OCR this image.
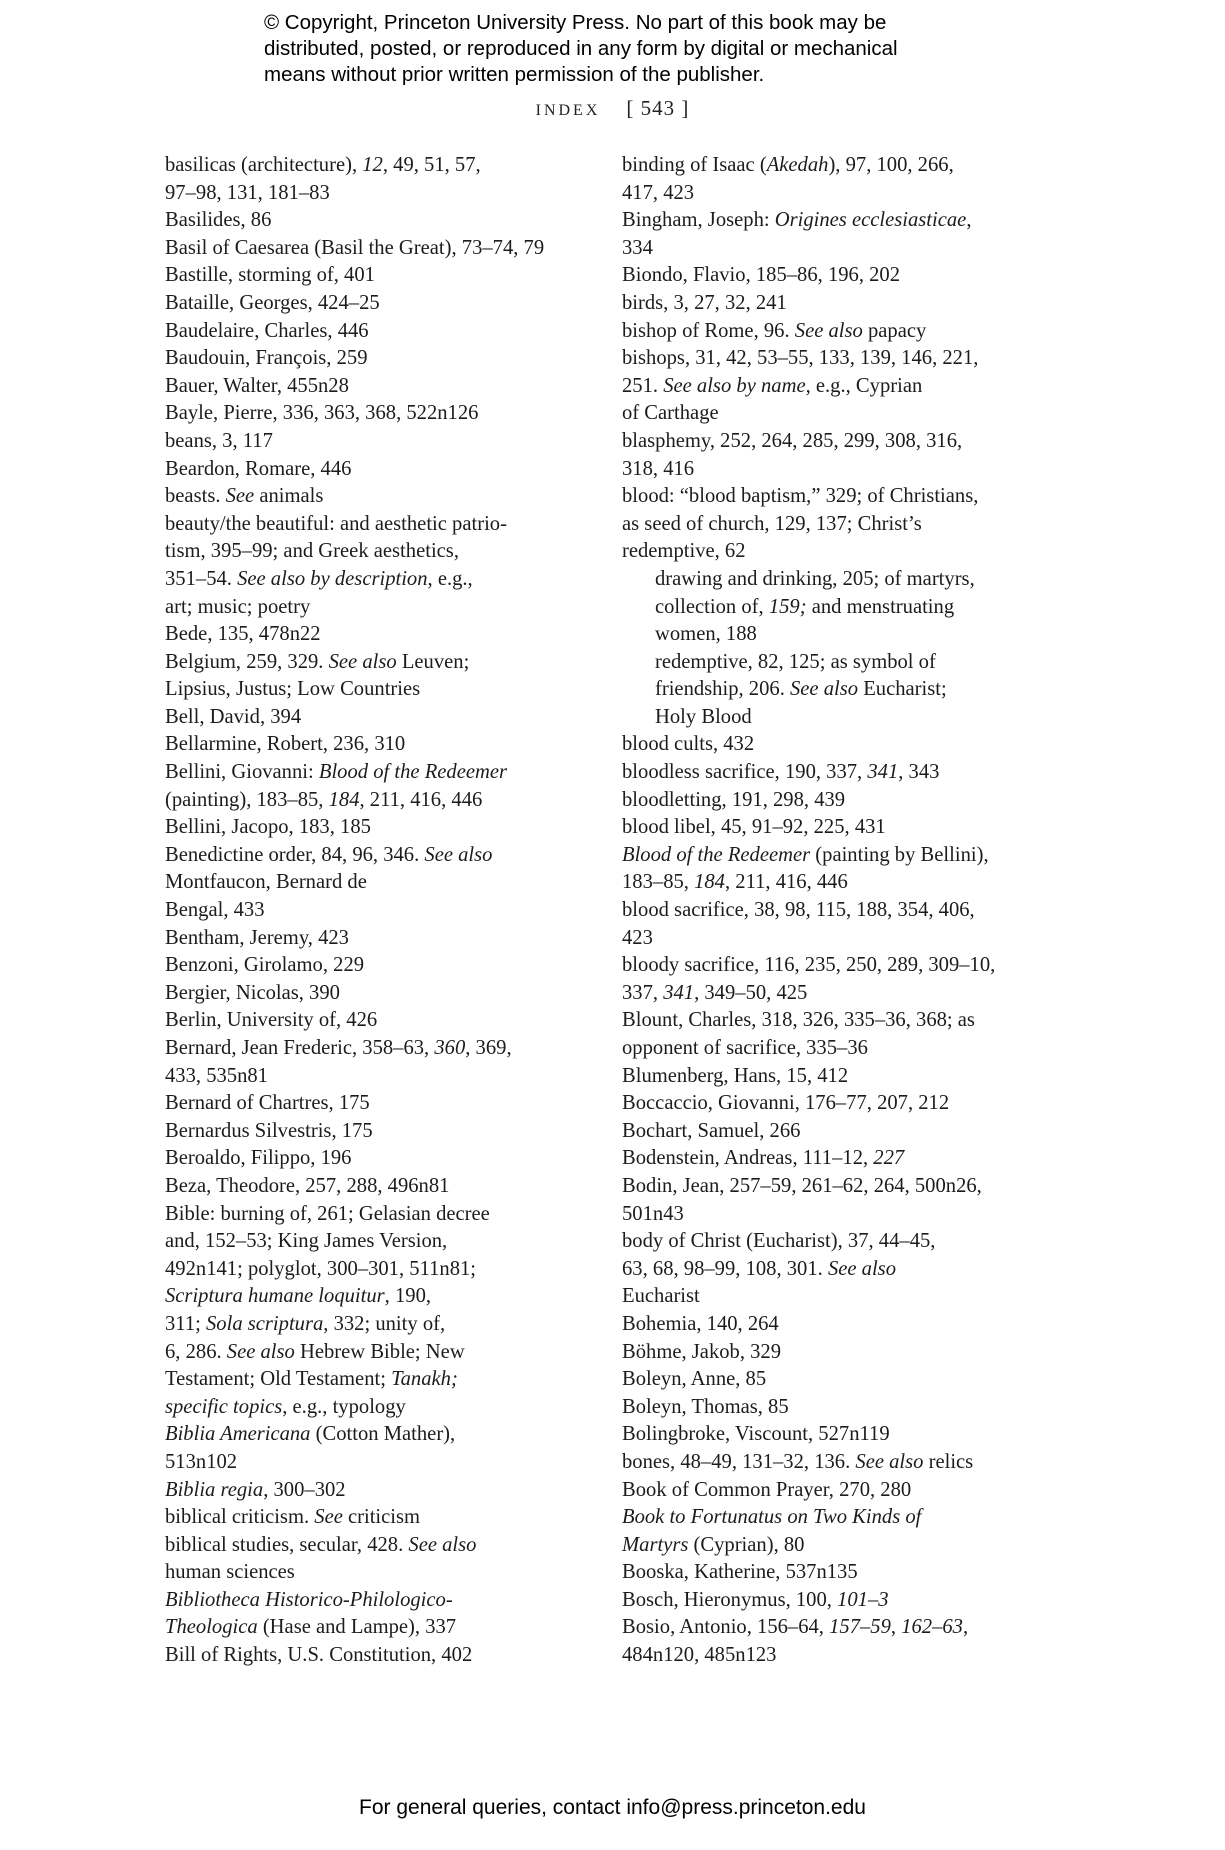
© Copyright, Princeton University Press. No part of this book may be
distributed, posted, or reproduced in any form by digital or mechanical
means without prior written permission of the publisher.
INDEX [ 543 ]
basilicas (architecture), 12, 49, 51, 57,
97–98, 131, 181–83
Basilides, 86
Basil of Caesarea (Basil the Great), 73–74, 79
Bastille, storming of, 401
Bataille, Georges, 424–25
Baudelaire, Charles, 446
Baudouin, François, 259
Bauer, Walter, 455n28
Bayle, Pierre, 336, 363, 368, 522n126
beans, 3, 117
Beardon, Romare, 446
beasts. See animals
beauty/the beautiful: and aesthetic patrio-
tism, 395–99; and Greek aesthetics,
351–54. See also by description, e.g.,
art; music; poetry
Bede, 135, 478n22
Belgium, 259, 329. See also Leuven;
Lipsius, Justus; Low Countries
Bell, David, 394
Bellarmine, Robert, 236, 310
Bellini, Giovanni: Blood of the Redeemer
(painting), 183–85, 184, 211, 416, 446
Bellini, Jacopo, 183, 185
Benedictine order, 84, 96, 346. See also
Montfaucon, Bernard de
Bengal, 433
Bentham, Jeremy, 423
Benzoni, Girolamo, 229
Bergier, Nicolas, 390
Berlin, University of, 426
Bernard, Jean Frederic, 358–63, 360, 369,
433, 535n81
Bernard of Chartres, 175
Bernardus Silvestris, 175
Beroaldo, Filippo, 196
Beza, Theodore, 257, 288, 496n81
Bible: burning of, 261; Gelasian decree
and, 152–53; King James Version,
492n141; polyglot, 300–301, 511n81;
Scriptura humane loquitur, 190,
311; Sola scriptura, 332; unity of,
6, 286. See also Hebrew Bible; New
Testament; Old Testament; Tanakh;
specific topics, e.g., typology
Biblia Americana (Cotton Mather),
513n102
Biblia regia, 300–302
biblical criticism. See criticism
biblical studies, secular, 428. See also
human sciences
Bibliotheca Historico-Philologico-
Theologica (Hase and Lampe), 337
Bill of Rights, U.S. Constitution, 402
binding of Isaac (Akedah), 97, 100, 266,
417, 423
Bingham, Joseph: Origines ecclesiasticae,
334
Biondo, Flavio, 185–86, 196, 202
birds, 3, 27, 32, 241
bishop of Rome, 96. See also papacy
bishops, 31, 42, 53–55, 133, 139, 146, 221,
251. See also by name, e.g., Cyprian
of Carthage
blasphemy, 252, 264, 285, 299, 308, 316,
318, 416
blood: “blood baptism,” 329; of Christians,
as seed of church, 129, 137; Christ’s
redemptive, 62
drawing and drinking, 205; of martyrs,
collection of, 159; and menstruating
women, 188
redemptive, 82, 125; as symbol of
friendship, 206. See also Eucharist;
Holy Blood
blood cults, 432
bloodless sacrifice, 190, 337, 341, 343
bloodletting, 191, 298, 439
blood libel, 45, 91–92, 225, 431
Blood of the Redeemer (painting by Bellini),
183–85, 184, 211, 416, 446
blood sacrifice, 38, 98, 115, 188, 354, 406,
423
bloody sacrifice, 116, 235, 250, 289, 309–10,
337, 341, 349–50, 425
Blount, Charles, 318, 326, 335–36, 368; as
opponent of sacrifice, 335–36
Blumenberg, Hans, 15, 412
Boccaccio, Giovanni, 176–77, 207, 212
Bochart, Samuel, 266
Bodenstein, Andreas, 111–12, 227
Bodin, Jean, 257–59, 261–62, 264, 500n26,
501n43
body of Christ (Eucharist), 37, 44–45,
63, 68, 98–99, 108, 301. See also
Eucharist
Bohemia, 140, 264
Böhme, Jakob, 329
Boleyn, Anne, 85
Boleyn, Thomas, 85
Bolingbroke, Viscount, 527n119
bones, 48–49, 131–32, 136. See also relics
Book of Common Prayer, 270, 280
Book to Fortunatus on Two Kinds of
Martyrs (Cyprian), 80
Booska, Katherine, 537n135
Bosch, Hieronymus, 100, 101–3
Bosio, Antonio, 156–64, 157–59, 162–63,
484n120, 485n123
For general queries, contact info@press.princeton.edu
